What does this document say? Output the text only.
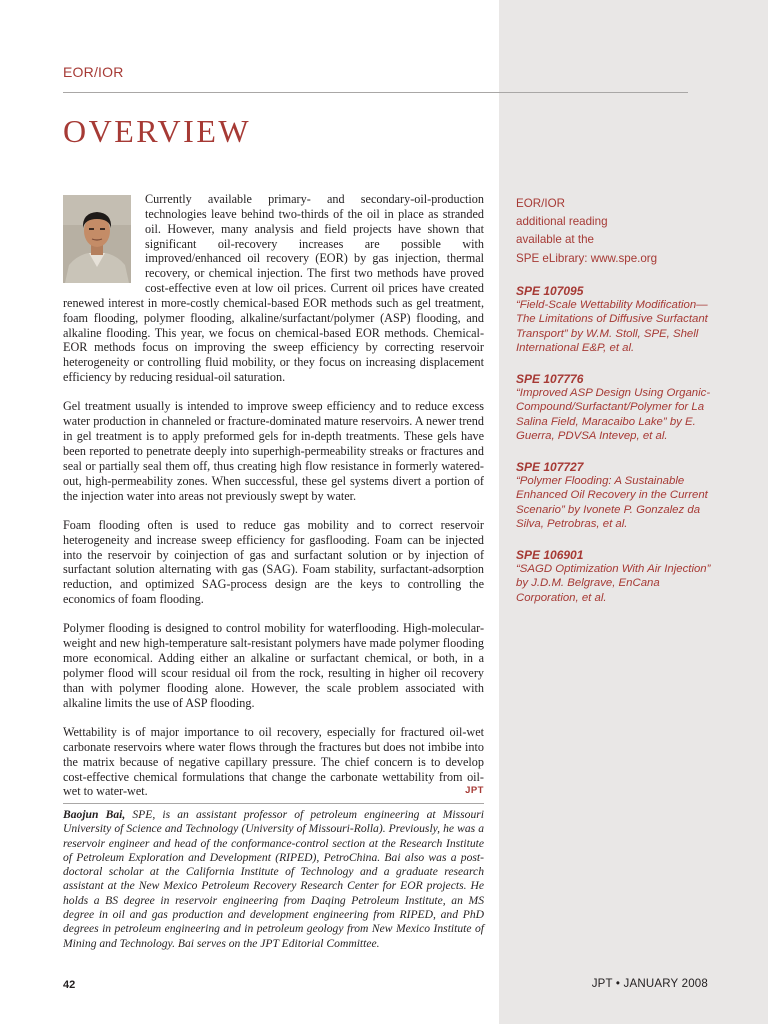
EOR/IOR

OVERVIEW

Currently available primary- and secondary-oil-production technologies leave behind two-thirds of the oil in place as stranded oil. However, many analysis and field projects have shown that significant oil-recovery increases are possible with improved/enhanced oil recovery (EOR) by gas injection, thermal recovery, or chemical injection. The first two methods have proved cost-effective even at low oil prices. Current oil prices have created renewed interest in more-costly chemical-based EOR methods such as gel treatment, foam flooding, polymer flooding, alkaline/surfactant/polymer (ASP) flooding, and alkaline flooding. This year, we focus on chemical-based EOR methods. Chemical-EOR methods focus on improving the sweep efficiency by correcting reservoir heterogeneity or controlling fluid mobility, or they focus on increasing displacement efficiency by reducing residual-oil saturation.

Gel treatment usually is intended to improve sweep efficiency and to reduce excess water production in channeled or fracture-dominated mature reservoirs. A newer trend in gel treatment is to apply preformed gels for in-depth treatments. These gels have been reported to penetrate deeply into superhigh-permeability streaks or fractures and seal or partially seal them off, thus creating high flow resistance in formerly watered-out, high-permeability zones. When successful, these gel systems divert a portion of the injection water into areas not previously swept by water.

Foam flooding often is used to reduce gas mobility and to correct reservoir heterogeneity and increase sweep efficiency for gasflooding. Foam can be injected into the reservoir by coinjection of gas and surfactant solution or by injection of surfactant solution alternating with gas (SAG). Foam stability, surfactant-adsorption reduction, and optimized SAG-process design are the keys to controlling the economics of foam flooding.

Polymer flooding is designed to control mobility for waterflooding. High-molecular-weight and new high-temperature salt-resistant polymers have made polymer flooding more economical. Adding either an alkaline or surfactant chemical, or both, in a polymer flood will scour residual oil from the rock, resulting in higher oil recovery than with polymer flooding alone. However, the scale problem associated with alkaline limits the use of ASP flooding.

Wettability is of major importance to oil recovery, especially for fractured oil-wet carbonate reservoirs where water flows through the fractures but does not imbibe into the matrix because of negative capillary pressure. The chief concern is to develop cost-effective chemical formulations that change the carbonate wettability from oil-wet to water-wet.	JPT

Baojun Bai, SPE, is an assistant professor of petroleum engineering at Missouri University of Science and Technology (University of Missouri-Rolla). Previously, he was a reservoir engineer and head of the conformance-control section at the Research Institute of Petroleum Exploration and Development (RIPED), PetroChina. Bai also was a post-doctoral scholar at the California Institute of Technology and a graduate research assistant at the New Mexico Petroleum Recovery Research Center for EOR projects. He holds a BS degree in reservoir engineering from Daqing Petroleum Institute, an MS degree in oil and gas production and development engineering from RIPED, and PhD degrees in petroleum engineering and in petroleum geology from New Mexico Institute of Mining and Technology. Bai serves on the JPT Editorial Committee.

EOR/IOR

additional reading

available at the

SPE eLibrary: www.spe.org

SPE 107095

“Field-Scale Wettability Modification—The Limitations of Diffusive Surfactant Transport” by W.M. Stoll, SPE, Shell International E&P, et al.

SPE 107776

“Improved ASP Design Using Organic-Compound/Surfactant/Polymer for La Salina Field, Maracaibo Lake” by E. Guerra, PDVSA Intevep, et al.

SPE 107727

“Polymer Flooding: A Sustainable Enhanced Oil Recovery in the Current Scenario” by Ivonete P. Gonzalez da Silva, Petrobras, et al.

SPE 106901

“SAGD Optimization With Air Injection” by J.D.M. Belgrave, EnCana Corporation, et al.

42	JPT • JANUARY 2008
